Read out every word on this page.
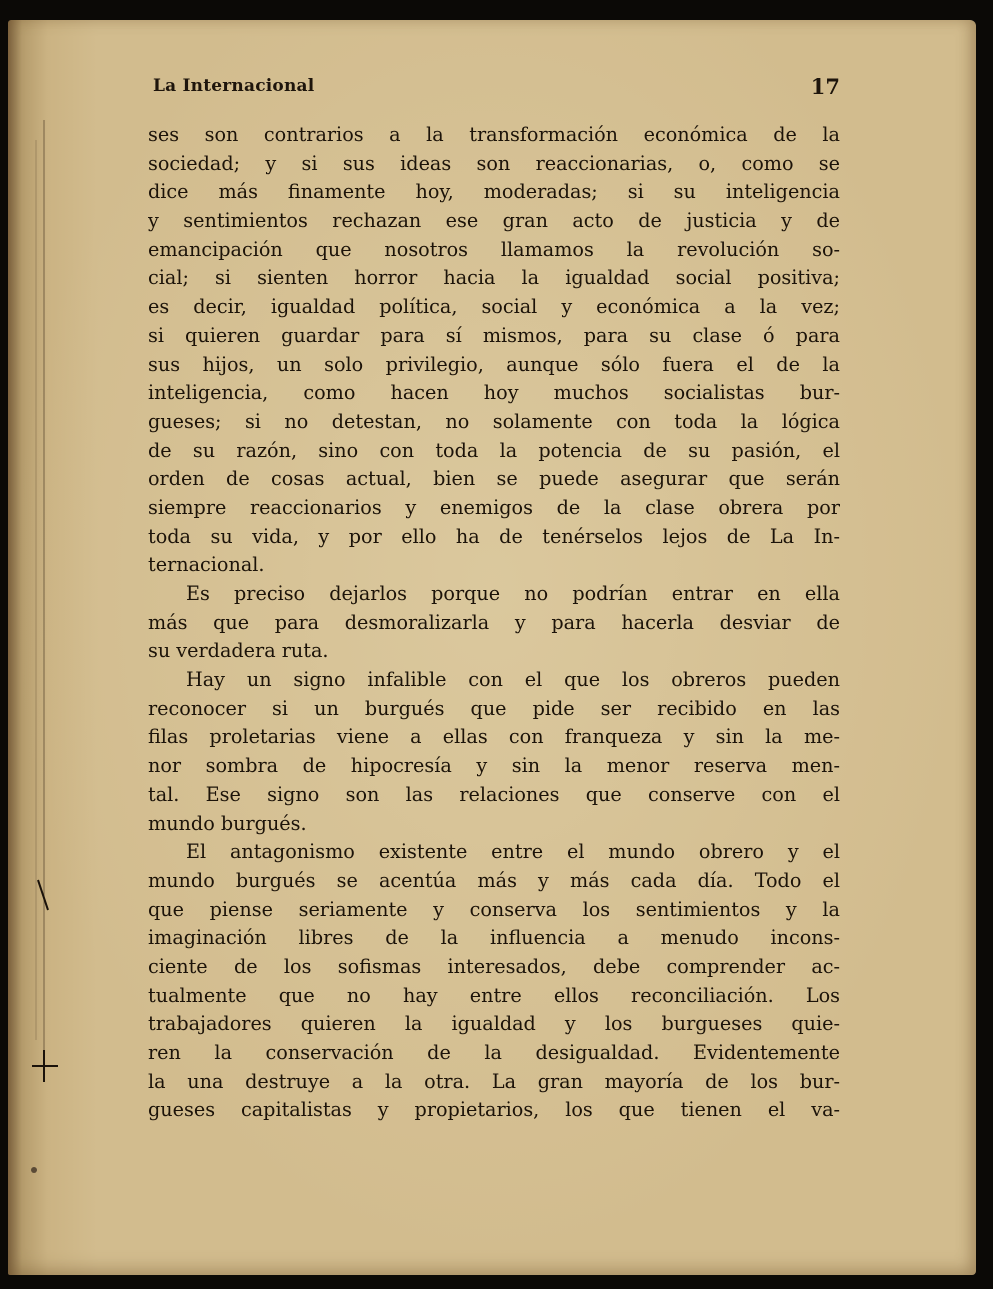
La Internacional	17
ses son contrarios a la transformación económica de la
sociedad; y si sus ideas son reaccionarias, o, como se
dice más finamente hoy, moderadas; si su inteligencia
y sentimientos rechazan ese gran acto de justicia y de
emancipación que nosotros llamamos la revolución so-
cial; si sienten horror hacia la igualdad social positiva;
es decir, igualdad política, social y económica a la vez;
si quieren guardar para sí mismos, para su clase ó para
sus hijos, un solo privilegio, aunque sólo fuera el de la
inteligencia, como hacen hoy muchos socialistas bur-
gueses; si no detestan, no solamente con toda la lógica
de su razón, sino con toda la potencia de su pasión, el
orden de cosas actual, bien se puede asegurar que serán
siempre reaccionarios y enemigos de la clase obrera por
toda su vida, y por ello ha de tenérselos lejos de La In-
ternacional.
Es preciso dejarlos porque no podrían entrar en ella
más que para desmoralizarla y para hacerla desviar de
su verdadera ruta.
Hay un signo infalible con el que los obreros pueden
reconocer si un burgués que pide ser recibido en las
filas proletarias viene a ellas con franqueza y sin la me-
nor sombra de hipocresía y sin la menor reserva men-
tal. Ese signo son las relaciones que conserve con el
mundo burgués.
El antagonismo existente entre el mundo obrero y el
mundo burgués se acentúa más y más cada día. Todo el
que piense seriamente y conserva los sentimientos y la
imaginación libres de la influencia a menudo incons-
ciente de los sofismas interesados, debe comprender ac-
tualmente que no hay entre ellos reconciliación. Los
trabajadores quieren la igualdad y los burgueses quie-
ren la conservación de la desigualdad. Evidentemente
la una destruye a la otra. La gran mayoría de los bur-
gueses capitalistas y propietarios, los que tienen el va-
